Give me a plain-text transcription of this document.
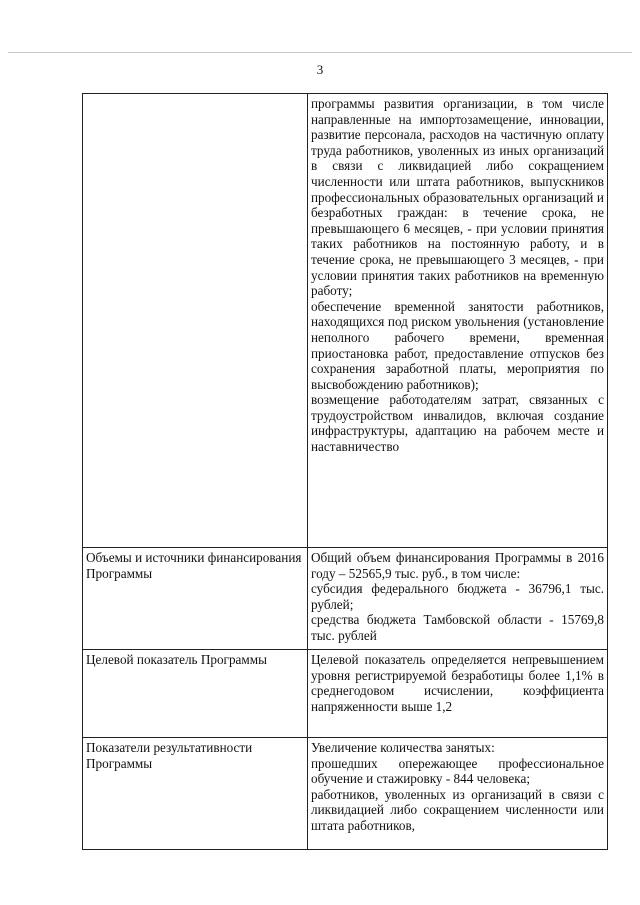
3

	программы развития организации, в том числе направленные на импортозамещение, инновации, развитие персонала, расходов на частичную оплату труда работников, уволенных из иных организаций в связи с ликвидацией либо сокращением численности или штата работников, выпускников профессиональных образовательных организаций и безработных граждан: в течение срока, не превышающего 6 месяцев, - при условии принятия таких работников на постоянную работу, и в течение срока, не превышающего 3 месяцев, - при условии принятия таких работников на временную работу;
обеспечение временной занятости работников, находящихся под риском увольнения (установление неполного рабочего времени, временная приостановка работ, предоставление отпусков без сохранения заработной платы, мероприятия по высвобождению работников);
возмещение работодателям затрат, связанных с трудоустройством инвалидов, включая создание инфраструктуры, адаптацию на рабочем месте и наставничество

Объемы и источники финансирования Программы	Общий объем финансирования Программы в 2016 году – 52565,9 тыс. руб., в том числе:
субсидия федерального бюджета - 36796,1 тыс. рублей;
средства бюджета Тамбовской области - 15769,8 тыс. рублей

Целевой показатель Программы	Целевой показатель определяется непревышением уровня регистрируемой безработицы более 1,1% в среднегодовом исчислении, коэффициента напряженности выше 1,2

Показатели результативности Программы	Увеличение количества занятых:
прошедших опережающее профессиональное обучение и стажировку - 844 человека;
работников, уволенных из организаций в связи с ликвидацией либо сокращением численности или штата работников,
